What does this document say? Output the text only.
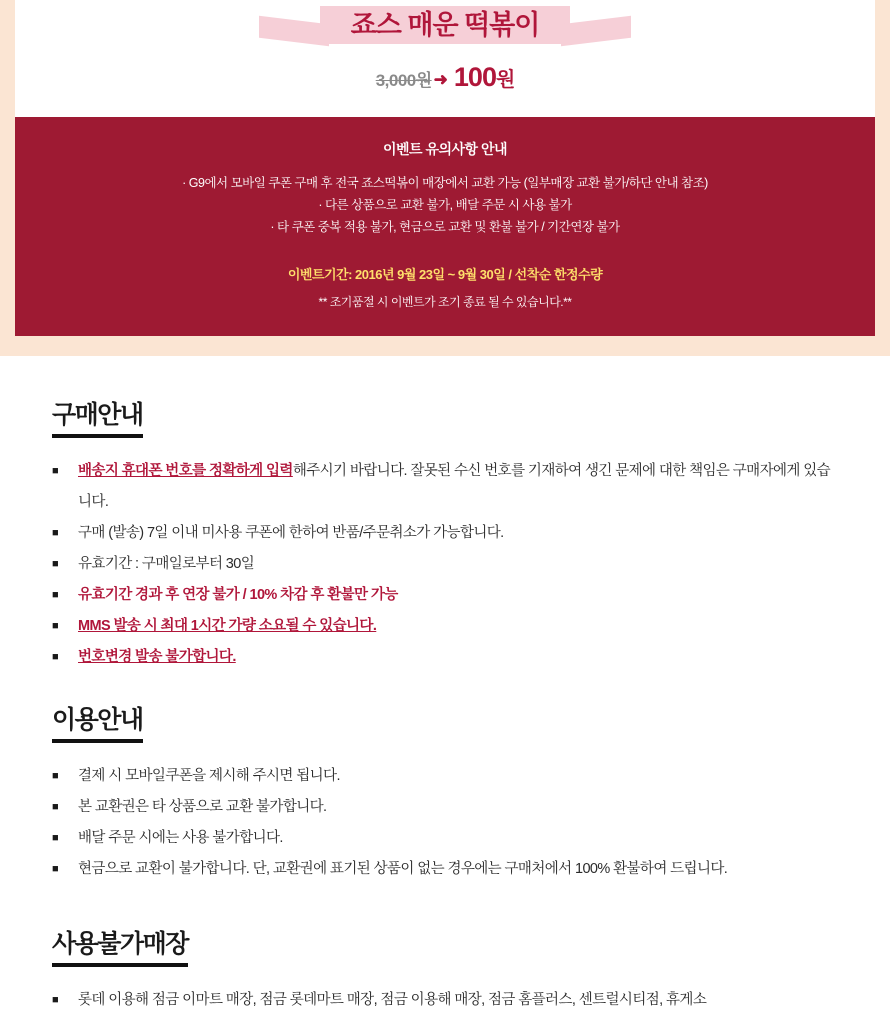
죠스 매운 떡볶이
3,000원 ➜ 100원
이벤트 유의사항 안내
· G9에서 모바일 쿠폰 구매 후 전국 죠스떡볶이 매장에서 교환 가능 (일부매장 교환 불가/하단 안내 참조)
· 다른 상품으로 교환 불가, 배달 주문 시 사용 불가
· 타 쿠폰 중복 적용 불가, 현금으로 교환 및 환불 불가 / 기간연장 불가
이벤트기간: 2016년 9월 23일 ~ 9월 30일 / 선착순 한정수량
** 조기품절 시 이벤트가 조기 종료 될 수 있습니다.**
구매안내
■ 배송지 휴대폰 번호를 정확하게 입력해주시기 바랍니다. 잘못된 수신 번호를 기재하여 생긴 문제에 대한 책임은 구매자에게 있습니다.
■ 구매 (발송) 7일 이내 미사용 쿠폰에 한하여 반품/주문취소가 가능합니다.
■ 유효기간 : 구매일로부터 30일
■ 유효기간 경과 후 연장 불가 / 10% 차감 후 환불만 가능
■ MMS 발송 시 최대 1시간 가량 소요될 수 있습니다.
■ 번호변경 발송 불가합니다.
이용안내
■ 결제 시 모바일쿠폰을 제시해 주시면 됩니다.
■ 본 교환권은 타 상품으로 교환 불가합니다.
■ 배달 주문 시에는 사용 불가합니다.
■ 현금으로 교환이 불가합니다. 단, 교환권에 표기된 상품이 없는 경우에는 구매처에서 100% 환불하여 드립니다.
사용불가매장
■ 롯데 이용해 점금 이마트 매장, 점금 롯데마트 매장, 점금 이용해 매장, 점금 홈플러스, 센트럴시티점, 휴게소
